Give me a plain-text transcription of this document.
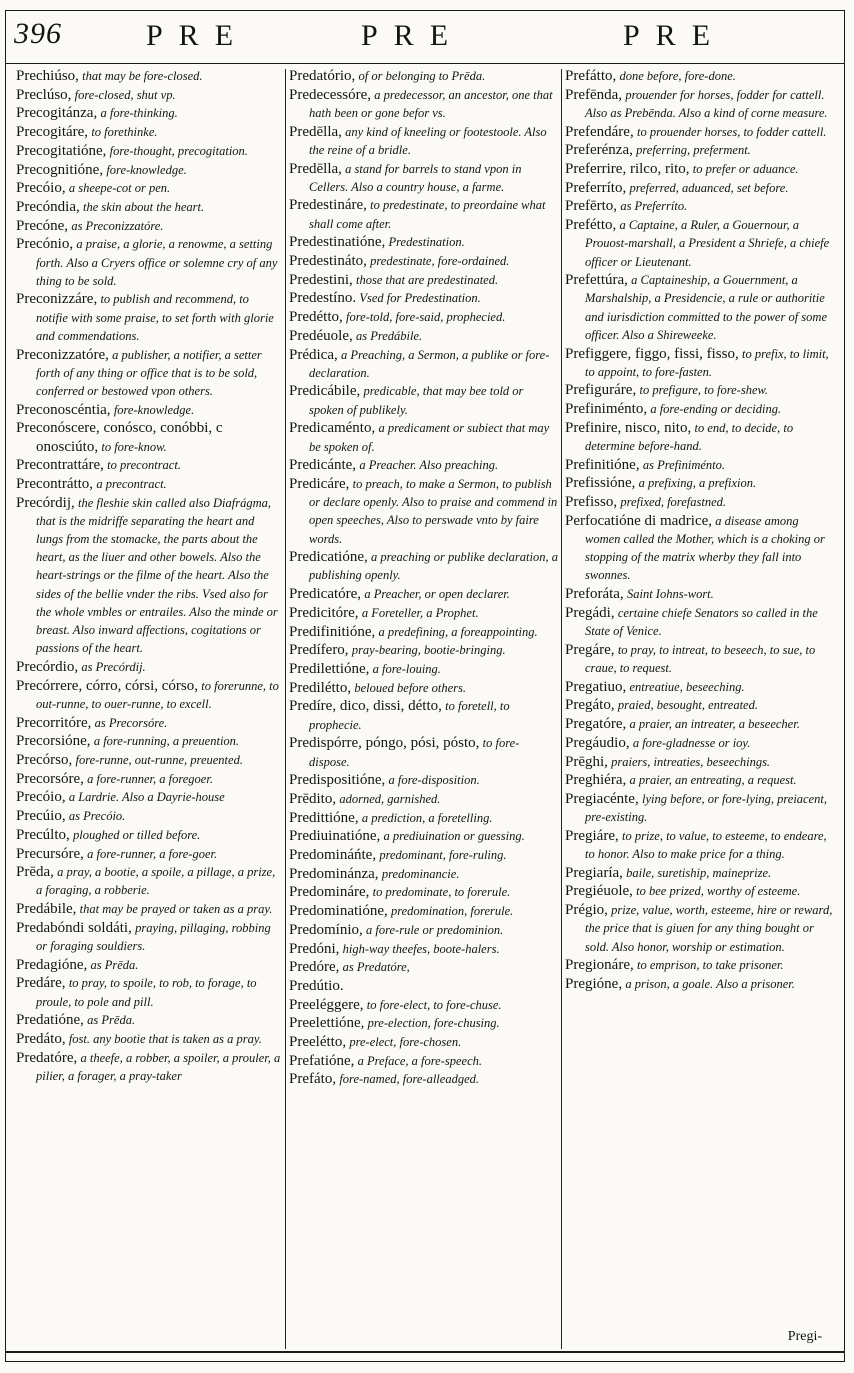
396	PRE	PRE	PRE
Prechiúso, that may be fore-closed.
Preclúso, fore-closed, shut vp.
Precogitánza, a fore-thinking.
Precogitáre, to forethinke.
Precogitatióne, fore-thought, precogitation.
Precognitióne, fore-knowledge.
Precóio, a sheepe-cot or pen.
Precóndia, the skin about the heart.
Precóne, as Preconizzatóre.
Precónio, a praise, a glorie, a renowme, a setting forth. Also a Cryers office or solemne cry of any thing to be sold.
Preconizzáre, to publish and recommend, to notifie with some praise, to set forth with glorie and commendations.
Preconizzatóre, a publisher, a notifier, a setter forth of any thing or office that is to be sold, conferred or bestowed vpon others.
Preconoscéntia, fore-knowledge.
Preconóscere, conósco, conóbbi, c onosciúto, to fore-know.
Precontrattáre, to precontract.
Precontrátto, a precontract.
Precórdij, the fleshie skin called also Diafrágma, that is the midriffe separating the heart and lungs from the stomacke, the parts about the heart, as the liuer and other bowels. Also the heart-strings or the filme of the heart. Also the sides of the bellie vnder the ribs. Vsed also for the whole vmbles or entrailes. Also the minde or breast. Also inward affections, cogitations or passions of the heart.
Precórdio, as Precórdij.
Precórrere, córro, córsi, córso, to forerunne, to out-runne, to ouer-runne, to excell.
Precorritóre, as Precorsóre.
Precorsióne, a fore-running, a preuention.
Precórso, fore-runne, out-runne, preuented.
Precorsóre, a fore-runner, a foregoer.
Precóio, a Lardrie. Also a Dayrie-house
Precúio, as Precóio.
Precúlto, ploughed or tilled before.
Precursóre, a fore-runner, a fore-goer.
Prēda, a pray, a bootie, a spoile, a pillage, a prize, a foraging, a robberie.
Predábile, that may be prayed or taken as a pray.
Predabóndi soldáti, praying, pillaging, robbing or foraging souldiers.
Predagióne, as Prēda.
Predáre, to pray, to spoile, to rob, to forage, to proule, to pole and pill.
Predatióne, as Prēda.
Predáto, fost. any bootie that is taken as a pray.
Predatóre, a theefe, a robber, a spoiler, a prouler, a pilier, a forager, a pray-taker
Predatório, of or belonging to Prēda.
Predecessóre, a predecessor, an ancestor, one that hath been or gone befor vs.
Predēlla, any kind of kneeling or footestoole. Also the reine of a bridle.
Predēlla, a stand for barrels to stand vpon in Cellers. Also a country house, a farme.
Predestináre, to predestinate, to preordaine what shall come after.
Predestinatióne, Predestination.
Predestináto, predestinate, fore-ordained.
Predestini, those that are predestinated.
Predestíno. Vsed for Predestination.
Predétto, fore-told, fore-said, prophecied.
Predéuole, as Predábile.
Prédica, a Preaching, a Sermon, a publike or fore-declaration.
Predicábile, predicable, that may bee told or spoken of publikely.
Predicaménto, a predicament or subiect that may be spoken of.
Predicánte, a Preacher. Also preaching.
Predicáre, to preach, to make a Sermon, to publish or declare openly. Also to praise and commend in open speeches, Also to perswade vnto by faire words.
Predicatióne, a preaching or publike declaration, a publishing openly.
Predicatóre, a Preacher, or open declarer.
Predicitóre, a Foreteller, a Prophet.
Predifinitióne, a predefining, a foreappointing.
Predífero, pray-bearing, bootie-bringing.
Predilettióne, a fore-louing.
Predilétto, beloued before others.
Predíre, dico, dissi, détto, to foretell, to prophecie.
Predispórre, póngo, pósi, pósto, to fore-dispose.
Predispositióne, a fore-disposition.
Prēdito, adorned, garnished.
Predittióne, a prediction, a foretelling.
Prediuinatióne, a prediuination or guessing.
Predomináńte, predominant, fore-ruling.
Predominánza, predominancie.
Predomináre, to predominate, to forerule.
Predominatióne, predomination, forerule.
Predomínio, a fore-rule or predominion.
Predóni, high-way theefes, boote-halers.
Predóre, as Predatóre,
Predútio.
Preeléggere, to fore-elect, to fore-chuse.
Preelettióne, pre-election, fore-chusing.
Preelétto, pre-elect, fore-chosen.
Prefatióne, a Preface, a fore-speech.
Prefáto, fore-named, fore-alleadged.
Prefátto, done before, fore-done.
Prefēnda, prouender for horses, fodder for cattell. Also as Prebēnda. Also a kind of corne measure.
Prefendáre, to prouender horses, to fodder cattell.
Preferénza, preferring, preferment.
Preferrire, rilco, rito, to prefer or aduance.
Preferríto, preferred, aduanced, set before.
Prefērto, as Preferríto.
Prefétto, a Captaine, a Ruler, a Gouernour, a Prouost-marshall, a President a Shriefe, a chiefe officer or Lieutenant.
Prefettúra, a Captaineship, a Gouernment, a Marshalship, a Presidencie, a rule or authoritie and iurisdiction committed to the power of some officer. Also a Shireweeke.
Prefiggere, figgo, fissi, fisso, to prefix, to limit, to appoint, to fore-fasten.
Prefiguráre, to prefigure, to fore-shew.
Prefiniménto, a fore-ending or deciding.
Prefinire, nisco, nito, to end, to decide, to determine before-hand.
Prefinitióne, as Prefiniménto.
Prefissióne, a prefixing, a prefixion.
Prefisso, prefixed, forefastned.
Perfocatióne di madrice, a disease among women called the Mother, which is a choking or stopping of the matrix wherby they fall into swonnes.
Preforáta, Saint Iohns-wort.
Pregádi, certaine chiefe Senators so called in the State of Venice.
Pregáre, to pray, to intreat, to beseech, to sue, to craue, to request.
Pregatiuo, entreatiue, beseeching.
Pregáto, praied, besought, entreated.
Pregatóre, a praier, an intreater, a beseecher.
Pregáudio, a fore-gladnesse or ioy.
Prēghi, praiers, intreaties, beseechings.
Preghiéra, a praier, an entreating, a request.
Pregiacénte, lying before, or fore-lying, preiacent, pre-existing.
Pregiáre, to prize, to value, to esteeme, to endeare, to honor. Also to make price for a thing.
Pregiaría, baile, suretiship, maineprize.
Pregiéuole, to bee prized, worthy of esteeme.
Prégio, prize, value, worth, esteeme, hire or reward, the price that is giuen for any thing bought or sold. Also honor, worship or estimation.
Pregionáre, to emprison, to take prisoner.
Pregióne, a prison, a goale. Also a prisoner.
Pregi-
